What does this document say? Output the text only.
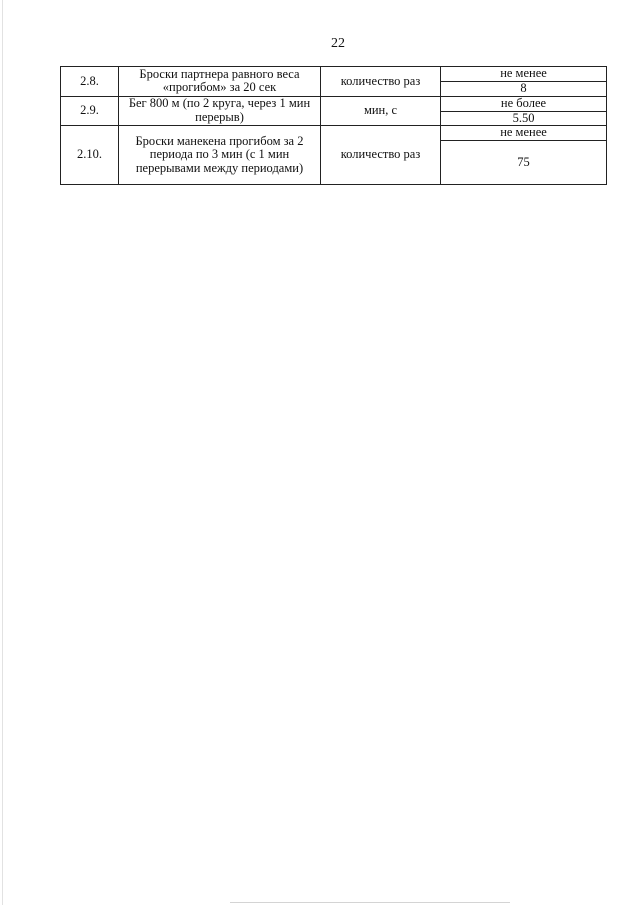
22
2.8.	Броски партнера равного веса «прогибом» за 20 сек	количество раз	не менее
			8
2.9.	Бег 800 м (по 2 круга, через 1 мин перерыв)	мин, с	не более
			5.50
2.10.	Броски манекена прогибом за 2 периода по 3 мин (с 1 мин перерывами между периодами)	количество раз	не менее
			75
